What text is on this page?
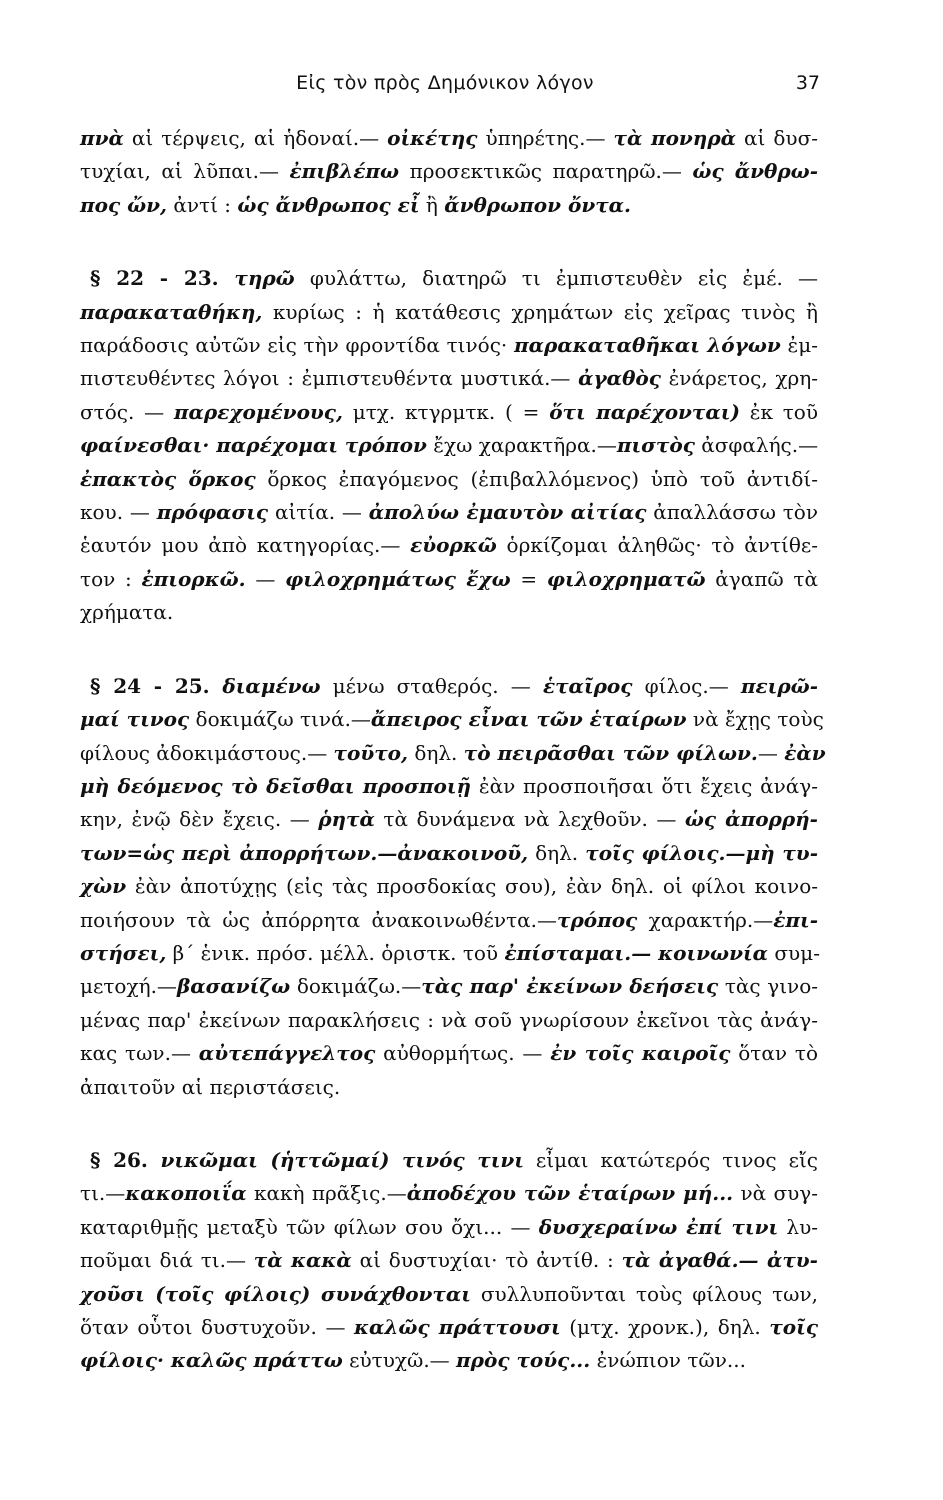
Εἰς τὸν πρὸς Δημόνικον λόγον	37
πνὰ αἱ τέρψεις, αἱ ἡδοναί.— οἰκέτης ὑπηρέτης.— τὰ πονηρὰ αἱ δυσ-
τυχίαι, αἱ λῦπαι.— ἐπιβλέπω προσεκτικῶς παρατηρῶ.— ὡς ἄνθρω-
πος ὤν, ἀντί : ὡς ἄνθρωπος εἶ ἢ ἄνθρωπον ὄντα.
§ 22 - 23. τηρῶ φυλάττω, διατηρῶ τι ἐμπιστευθὲν εἰς ἐμέ. —
παρακαταθήκη, κυρίως : ἡ κατάθεσις χρημάτων εἰς χεῖρας τινὸς ἢ
παράδοσις αὐτῶν εἰς τὴν φροντίδα τινός· παρακαταθῆκαι λόγων ἐμ-
πιστευθέντες λόγοι : ἐμπιστευθέντα μυστικά.— ἀγαθὸς ἐνάρετος, χρη-
στός. — παρεχομένους, μτχ. κτγρμτκ. ( = ὅτι παρέχονται) ἐκ τοῦ
φαίνεσθαι· παρέχομαι τρόπον ἔχω χαρακτῆρα.—πιστὸς ἀσφαλής.—
ἐπακτὸς ὅρκος ὅρκος ἐπαγόμενος (ἐπιβαλλόμενος) ὑπὸ τοῦ ἀντιδί-
κου. — πρόφασις αἰτία. — ἀπολύω ἐμαυτὸν αἰτίας ἀπαλλάσσω τὸν
ἑαυτόν μου ἀπὸ κατηγορίας.— εὐορκῶ ὁρκίζομαι ἀληθῶς· τὸ ἀντίθε-
τον : ἐπιορκῶ. — φιλοχρημάτως ἔχω = φιλοχρηματῶ ἀγαπῶ τὰ
χρήματα.
§ 24 - 25. διαμένω μένω σταθερός. — ἑταῖρος φίλος.— πειρῶ-
μαί τινος δοκιμάζω τινά.—ἄπειρος εἶναι τῶν ἑταίρων νὰ ἔχῃς τοὺς
φίλους ἀδοκιμάστους.— τοῦτο, δηλ. τὸ πειρᾶσθαι τῶν φίλων.— ἐὰν
μὴ δεόμενος τὸ δεῖσθαι προσποιῇ ἐὰν προσποιῆσαι ὅτι ἔχεις ἀνάγ-
κην, ἐνῷ δὲν ἔχεις. — ῥητὰ τὰ δυνάμενα νὰ λεχθοῦν. — ὡς ἀπορρή-
των=ὡς περὶ ἀπορρήτων.—ἀνακοινοῦ, δηλ. τοῖς φίλοις.—μὴ τυ-
χὼν ἐὰν ἀποτύχῃς (εἰς τὰς προσδοκίας σου), ἐὰν δηλ. οἱ φίλοι κοινο-
ποιήσουν τὰ ὡς ἀπόρρητα ἀνακοινωθέντα.—τρόπος χαρακτήρ.—ἐπι-
στήσει, β΄ ἑνικ. πρόσ. μέλλ. ὁριστκ. τοῦ ἐπίσταμαι.— κοινωνία συμ-
μετοχή.—βασανίζω δοκιμάζω.—τὰς παρ' ἐκείνων δεήσεις τὰς γινο-
μένας παρ' ἐκείνων παρακλήσεις : νὰ σοῦ γνωρίσουν ἐκεῖνοι τὰς ἀνάγ-
κας των.— αὐτεπάγγελτος αὐθορμήτως. — ἐν τοῖς καιροῖς ὅταν τὸ
ἀπαιτοῦν αἱ περιστάσεις.
§ 26. νικῶμαι (ἡττῶμαί) τινός τινι εἶμαι κατώτερός τινος εἴς
τι.—κακοποιΐα κακὴ πρᾶξις.—ἀποδέχου τῶν ἑταίρων μή... νὰ συγ-
καταριθμῇς μεταξὺ τῶν φίλων σου ὄχι... — δυσχεραίνω ἐπί τινι λυ-
ποῦμαι διά τι.— τὰ κακὰ αἱ δυστυχίαι· τὸ ἀντίθ. : τὰ ἀγαθά.— ἀτυ-
χοῦσι (τοῖς φίλοις) συνάχθονται συλλυποῦνται τοὺς φίλους των,
ὅταν οὗτοι δυστυχοῦν. — καλῶς πράττουσι (μτχ. χρονκ.), δηλ. τοῖς
φίλοις· καλῶς πράττω εὐτυχῶ.— πρὸς τούς... ἐνώπιον τῶν...
